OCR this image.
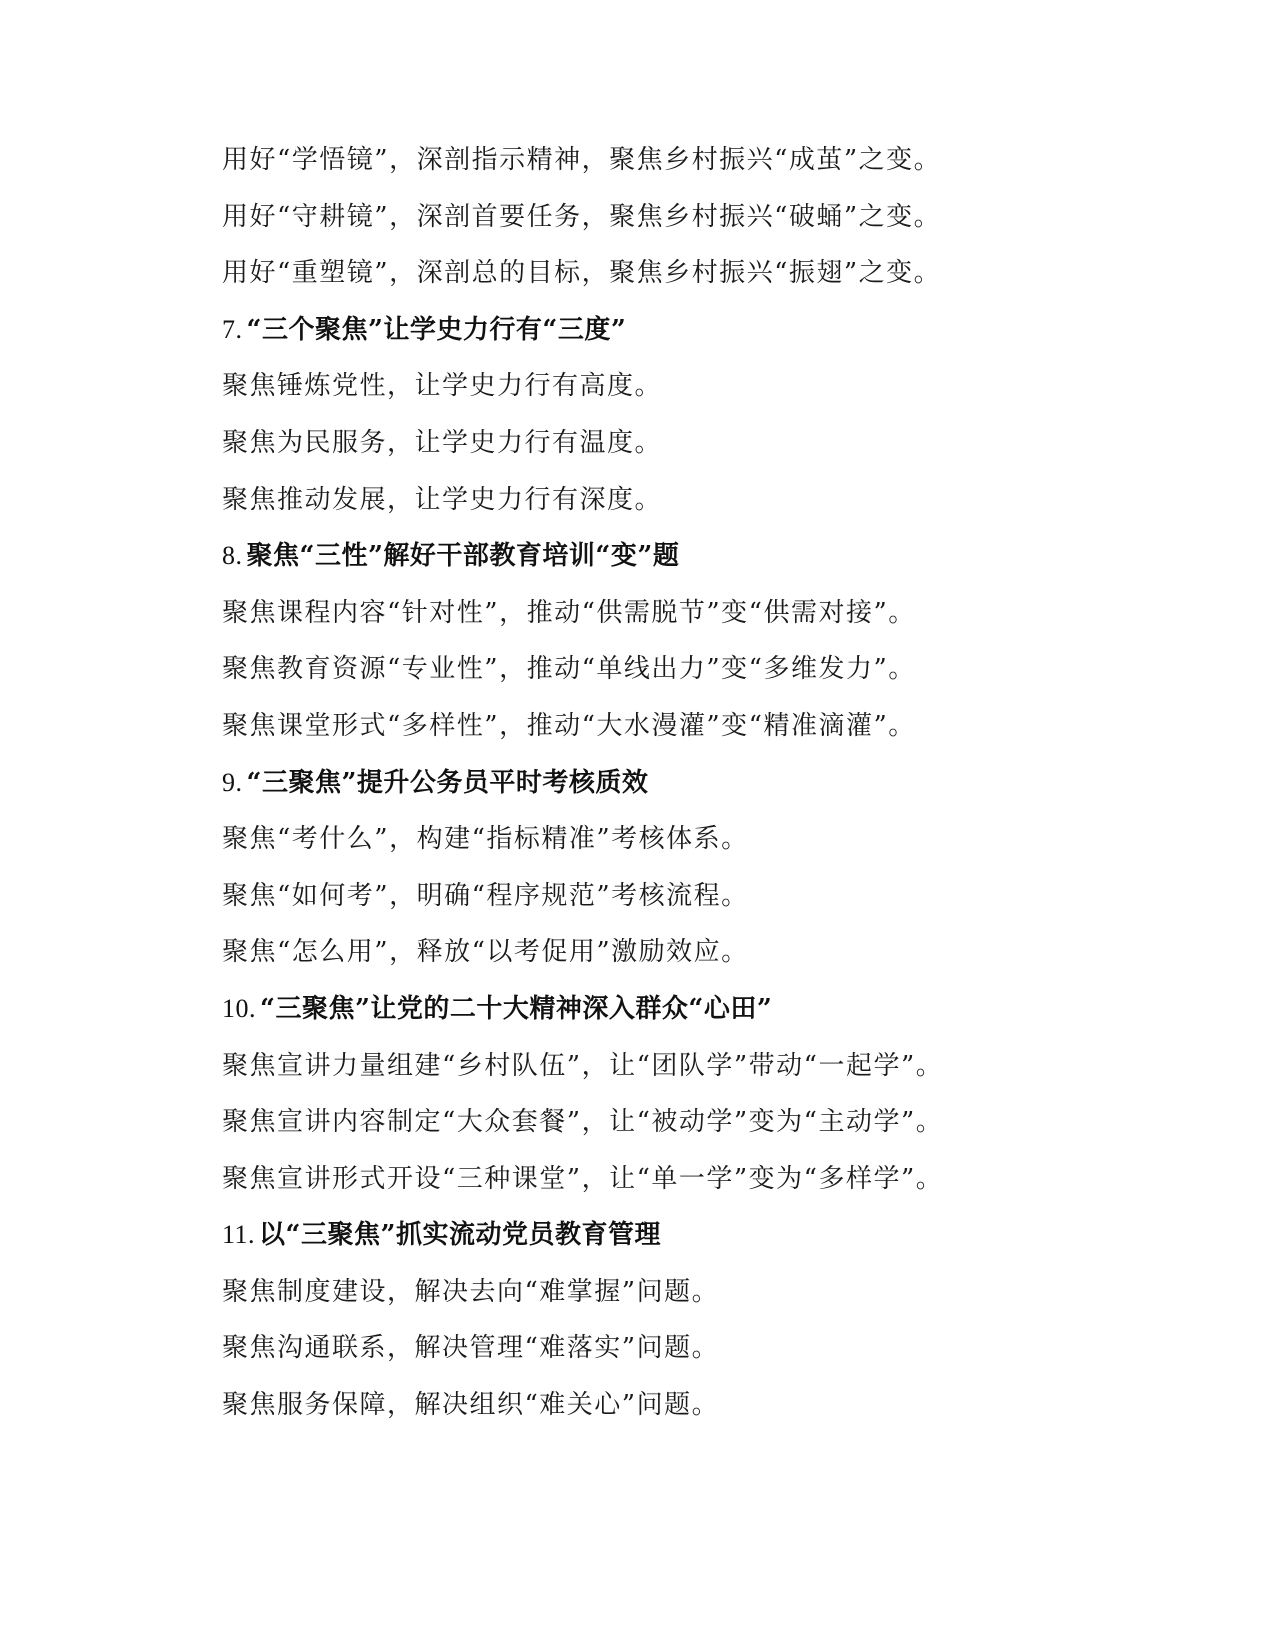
用好“学悟镜”，深剖指示精神，聚焦乡村振兴“成茧”之变。
用好“守耕镜”，深剖首要任务，聚焦乡村振兴“破蛹”之变。
用好“重塑镜”，深剖总的目标，聚焦乡村振兴“振翅”之变。
7. “三个聚焦”让学史力行有“三度”
聚焦锤炼党性，让学史力行有高度。
聚焦为民服务，让学史力行有温度。
聚焦推动发展，让学史力行有深度。
8. 聚焦“三性”解好干部教育培训“变”题
聚焦课程内容“针对性”，推动“供需脱节”变“供需对接”。
聚焦教育资源“专业性”，推动“单线出力”变“多维发力”。
聚焦课堂形式“多样性”，推动“大水漫灌”变“精准滴灌”。
9. “三聚焦”提升公务员平时考核质效
聚焦“考什么”，构建“指标精准”考核体系。
聚焦“如何考”，明确“程序规范”考核流程。
聚焦“怎么用”，释放“以考促用”激励效应。
10. “三聚焦”让党的二十大精神深入群众“心田”
聚焦宣讲力量组建“乡村队伍”，让“团队学”带动“一起学”。
聚焦宣讲内容制定“大众套餐”，让“被动学”变为“主动学”。
聚焦宣讲形式开设“三种课堂”，让“单一学”变为“多样学”。
11. 以“三聚焦”抓实流动党员教育管理
聚焦制度建设，解决去向“难掌握”问题。
聚焦沟通联系，解决管理“难落实”问题。
聚焦服务保障，解决组织“难关心”问题。
